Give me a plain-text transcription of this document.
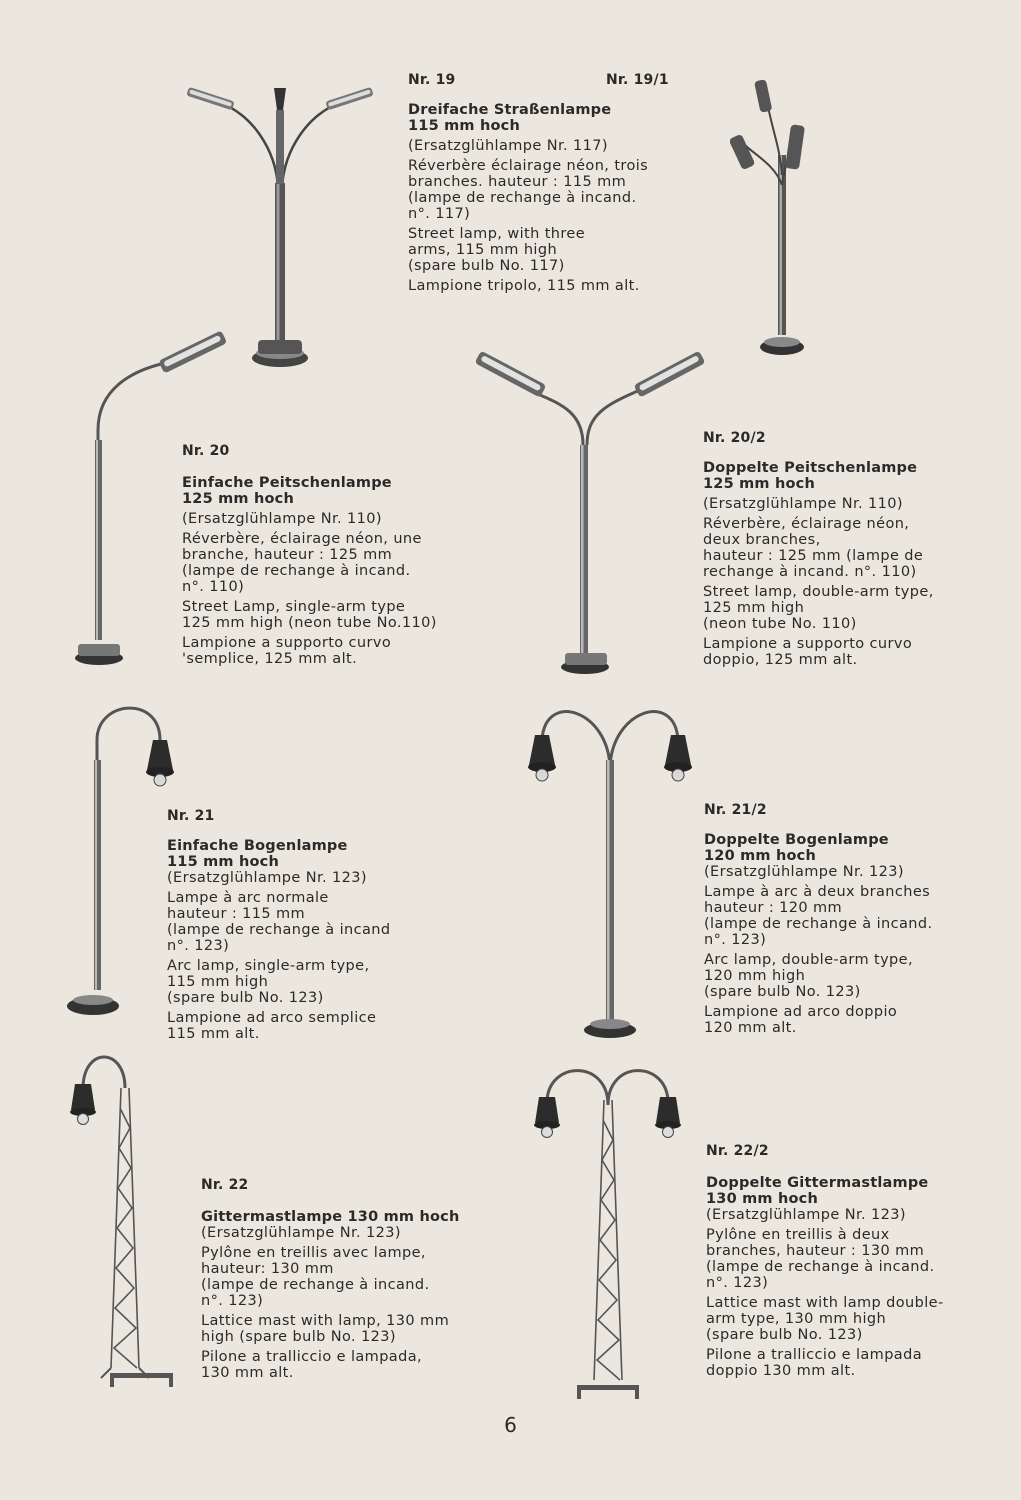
Nr. 19	Nr. 19/1
Dreifache Straßenlampe
115 mm hoch

(Ersatzglühlampe Nr. 117)

Réverbère éclairage néon, trois

branches. hauteur : 115 mm

(lampe de rechange à incand.

n°. 117)

Street lamp, with three

arms, 115 mm high

(spare bulb No. 117)

Lampione tripolo, 115 mm alt.

Nr. 20
Einfache Peitschenlampe
125 mm hoch

(Ersatzglühlampe Nr. 110)

Réverbère, éclairage néon, une

branche, hauteur : 125 mm

(lampe de rechange à incand.

n°. 110)

Street Lamp, single-arm type

125 mm high (neon tube No.110)

Lampione a supporto curvo

'semplice, 125 mm alt.

Nr. 20/2
Doppelte Peitschenlampe
125 mm hoch

(Ersatzglühlampe Nr. 110)

Réverbère, éclairage néon,

deux branches,

hauteur : 125 mm (lampe de

rechange à incand. n°. 110)

Street lamp, double-arm type,

125 mm high

(neon tube No. 110)

Lampione a supporto curvo

doppio, 125 mm alt.

Nr. 21
Einfache Bogenlampe
115 mm hoch

(Ersatzglühlampe Nr. 123)

Lampe à arc normale

hauteur : 115 mm

(lampe de rechange à incand

n°. 123)

Arc lamp, single-arm type,

115 mm high

(spare bulb No. 123)

Lampione ad arco semplice

115 mm alt.

Nr. 21/2
Doppelte Bogenlampe
120 mm hoch

(Ersatzglühlampe Nr. 123)

Lampe à arc à deux branches

hauteur : 120 mm

(lampe de rechange à incand.

n°. 123)

Arc lamp, double-arm type,

120 mm high

(spare bulb No. 123)

Lampione ad arco doppio

120 mm alt.

Nr. 22
Gittermastlampe 130 mm hoch

(Ersatzglühlampe Nr. 123)

Pylône en treillis avec lampe,

hauteur: 130 mm

(lampe de rechange à incand.

n°. 123)

Lattice mast with lamp, 130 mm

high (spare bulb No. 123)

Pilone a tralliccio e lampada,

130 mm alt.

Nr. 22/2
Doppelte Gittermastlampe
130 mm hoch

(Ersatzglühlampe Nr. 123)

Pylône en treillis à deux

branches, hauteur : 130 mm

(lampe de rechange à incand.

n°. 123)

Lattice mast with lamp double-

arm type, 130 mm high

(spare bulb No. 123)

Pilone a tralliccio e lampada

doppio 130 mm alt.

6
